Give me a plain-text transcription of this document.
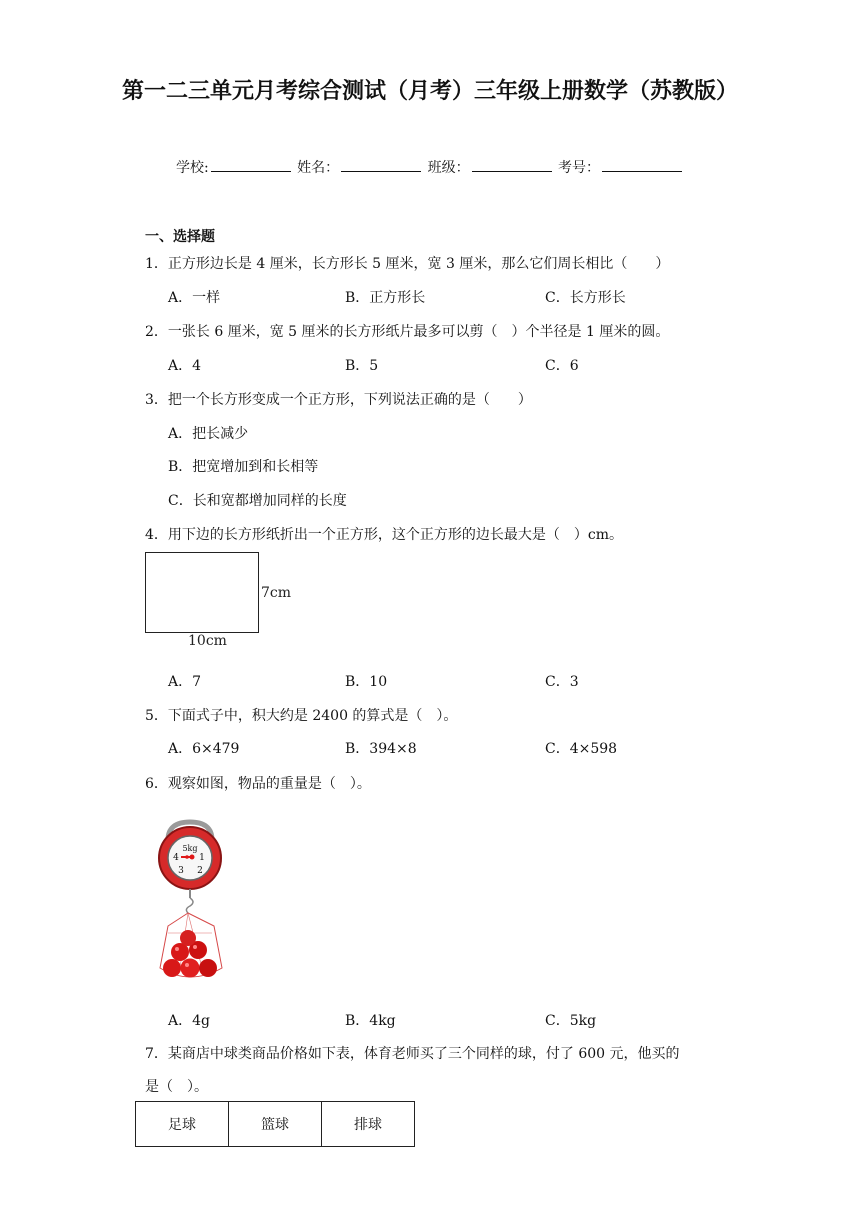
第一二三单元月考综合测试（月考）三年级上册数学（苏教版）
学校:	姓名：	班级：	考号：
一、选择题
1．正方形边长是 4 厘米，长方形长 5 厘米，宽 3 厘米，那么它们周长相比（　　）
A．一样	B．正方形长	C．长方形长
2．一张长 6 厘米，宽 5 厘米的长方形纸片最多可以剪（　）个半径是 1 厘米的圆。
A．4	B．5	C．6
3．把一个长方形变成一个正方形，下列说法正确的是（　　）
A．把长减少
B．把宽增加到和长相等
C．长和宽都增加同样的长度
4．用下边的长方形纸折出一个正方形，这个正方形的边长最大是（　）cm。
7cm
10cm
A．7	B．10	C．3
5．下面式子中，积大约是 2400 的算式是（　）。
A．6×479	B．394×8	C．4×598
6．观察如图，物品的重量是（　）。
5kg
1
2
3
4
A．4g	B．4kg	C．5kg
7．某商店中球类商品价格如下表，体育老师买了三个同样的球，付了 600 元，他买的
是（　）。
足球	篮球	排球
